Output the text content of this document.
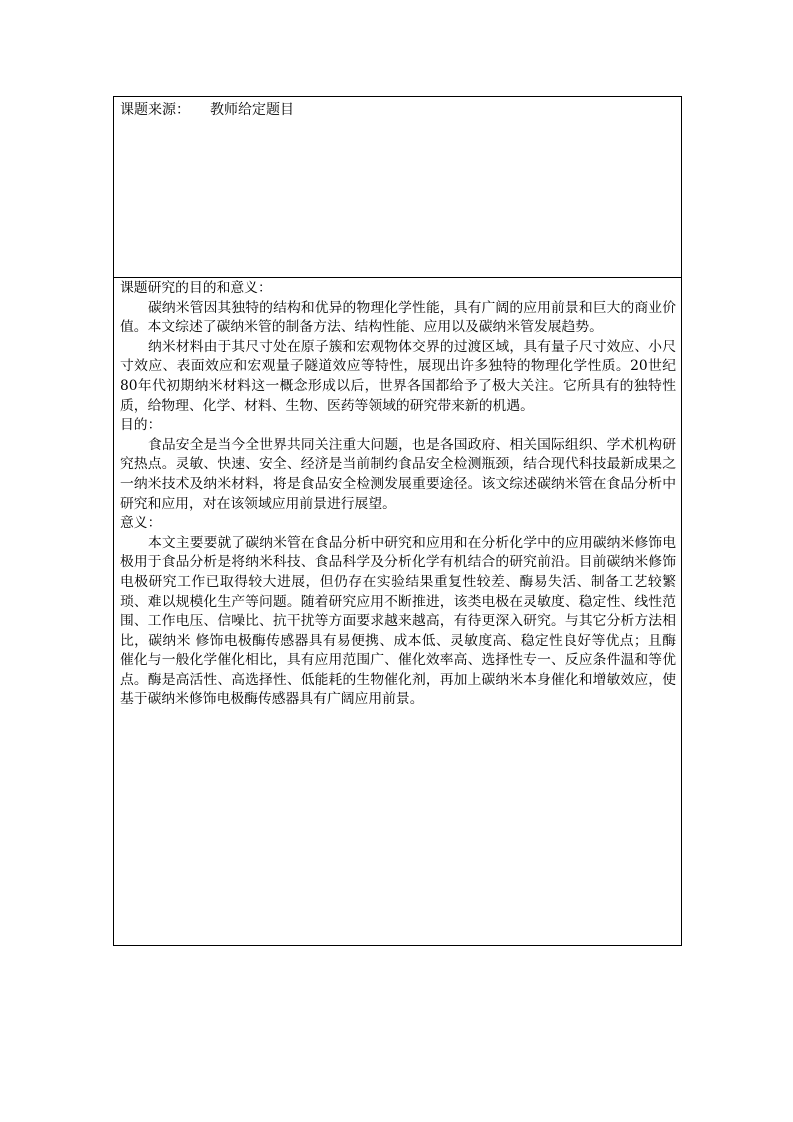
课题来源： 教师给定题目

课题研究的目的和意义：

碳纳米管因其独特的结构和优异的物理化学性能，具有广阔的应用前景和巨大的商业价值。本文综述了碳纳米管的制备方法、结构性能、应用以及碳纳米管发展趋势。

纳米材料由于其尺寸处在原子簇和宏观物体交界的过渡区域，具有量子尺寸效应、小尺寸效应、表面效应和宏观量子隧道效应等特性，展现出许多独特的物理化学性质。20世纪80年代初期纳米材料这一概念形成以后，世界各国都给予了极大关注。它所具有的独特性质，给物理、化学、材料、生物、医药等领域的研究带来新的机遇。

目的：

食品安全是当今全世界共同关注重大问题，也是各国政府、相关国际组织、学术机构研究热点。灵敏、快速、安全、经济是当前制约食品安全检测瓶颈，结合现代科技最新成果之一纳米技术及纳米材料，将是食品安全检测发展重要途径。该文综述碳纳米管在食品分析中研究和应用，对在该领域应用前景进行展望。

意义：

本文主要要就了碳纳米管在食品分析中研究和应用和在分析化学中的应用碳纳米修饰电极用于食品分析是将纳米科技、食品科学及分析化学有机结合的研究前沿。目前碳纳米修饰电极研究工作已取得较大进展，但仍存在实验结果重复性较差、酶易失活、制备工艺较繁琐、难以规模化生产等问题。随着研究应用不断推进，该类电极在灵敏度、稳定性、线性范围、工作电压、信噪比、抗干扰等方面要求越来越高，有待更深入研究。与其它分析方法相比，碳纳米 修饰电极酶传感器具有易便携、成本低、灵敏度高、稳定性良好等优点；且酶催化与一般化学催化相比，具有应用范围广、催化效率高、选择性专一、反应条件温和等优点。酶是高活性、高选择性、低能耗的生物催化剂，再加上碳纳米本身催化和增敏效应，使基于碳纳米修饰电极酶传感器具有广阔应用前景。
